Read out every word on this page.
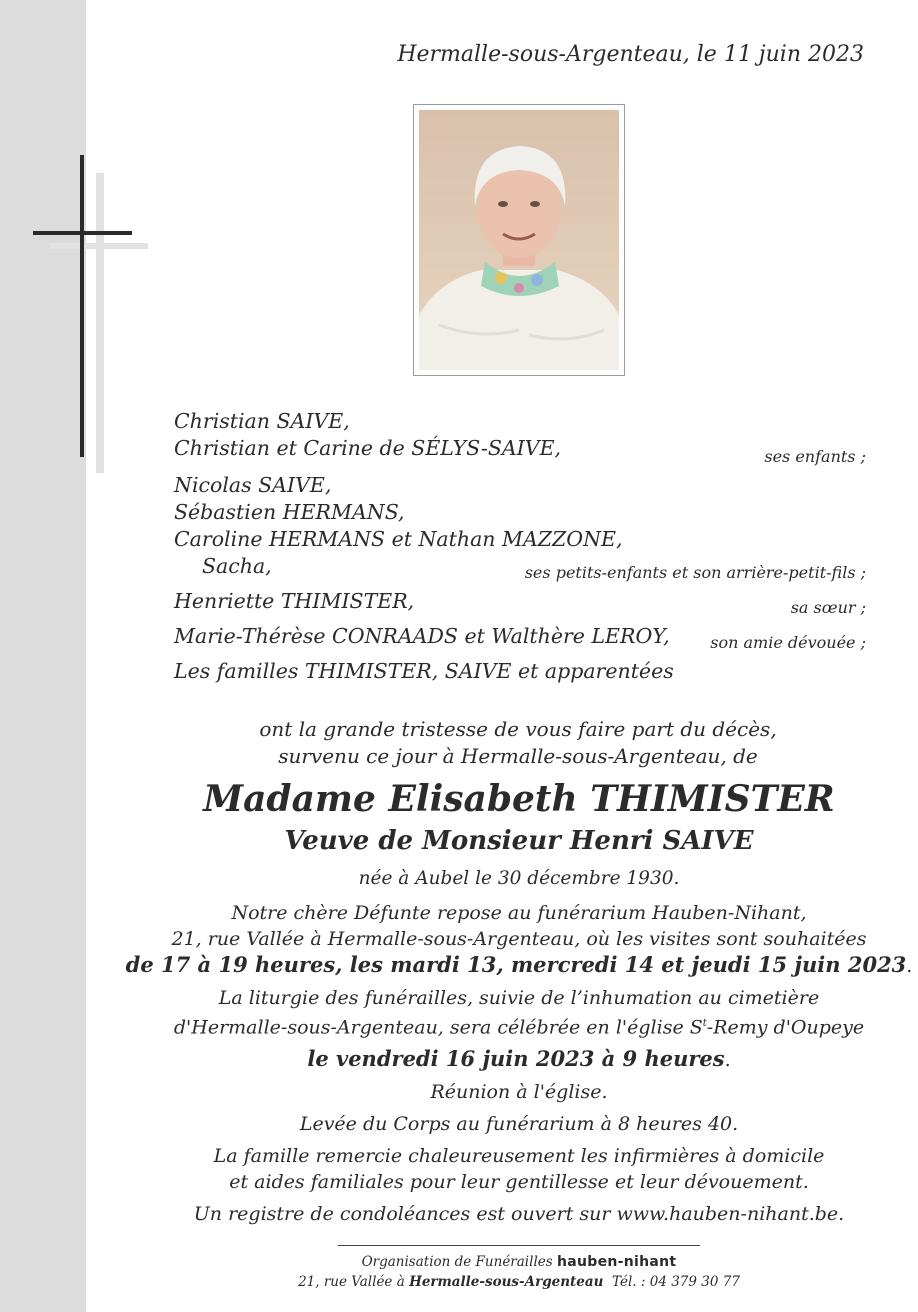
Hermalle-sous-Argenteau, le 11 juin 2023
Christian SAIVE,
Christian et Carine de SÉLYS-SAIVE,	ses enfants ;
Nicolas SAIVE,
Sébastien HERMANS,
Caroline HERMANS et Nathan MAZZONE,
Sacha,	ses petits-enfants et son arrière-petit-fils ;
Henriette THIMISTER,	sa sœur ;
Marie-Thérèse CONRAADS et Walthère LEROY,	son amie dévouée ;
Les familles THIMISTER, SAIVE et apparentées
ont la grande tristesse de vous faire part du décès,
survenu ce jour à Hermalle-sous-Argenteau, de
Madame Elisabeth THIMISTER
Veuve de Monsieur Henri SAIVE
née à Aubel le 30 décembre 1930.
Notre chère Défunte repose au funérarium Hauben-Nihant,
21, rue Vallée à Hermalle-sous-Argenteau, où les visites sont souhaitées
de 17 à 19 heures, les mardi 13, mercredi 14 et jeudi 15 juin 2023.
La liturgie des funérailles, suivie de l’inhumation au cimetière
d'Hermalle-sous-Argenteau, sera célébrée en l'église $S^t$-Remy d'Oupeye
le vendredi 16 juin 2023 à 9 heures.
Réunion à l'église.
Levée du Corps au funérarium à 8 heures 40.
La famille remercie chaleureusement les infirmières à domicile
et aides familiales pour leur gentillesse et leur dévouement.
Un registre de condoléances est ouvert sur www.hauben-nihant.be.
Organisation de Funérailles hauben-nihant
21, rue Vallée à Hermalle-sous-Argenteau Tél. : 04 379 30 77
